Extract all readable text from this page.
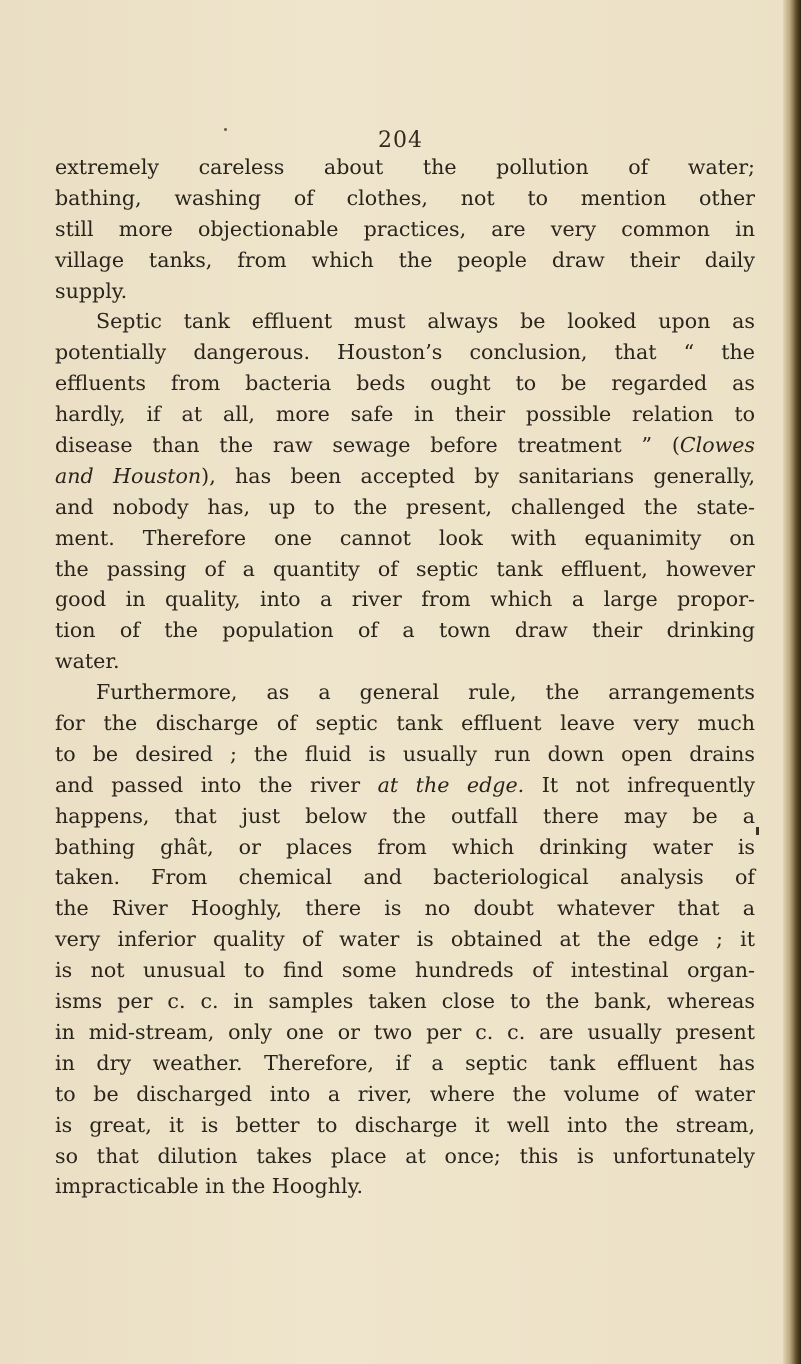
204
extremely careless about the pollution of water;
bathing, washing of clothes, not to mention other
still more objectionable practices, are very common in
village tanks, from which the people draw their daily
supply.
Septic tank effluent must always be looked upon as
potentially dangerous. Houston’s conclusion, that “ the
effluents from bacteria beds ought to be regarded as
hardly, if at all, more safe in their possible relation to
disease than the raw sewage before treatment ” (Clowes
and Houston), has been accepted by sanitarians generally,
and nobody has, up to the present, challenged the state-
ment. Therefore one cannot look with equanimity on
the passing of a quantity of septic tank effluent, however
good in quality, into a river from which a large propor-
tion of the population of a town draw their drinking
water.
Furthermore, as a general rule, the arrangements
for the discharge of septic tank effluent leave very much
to be desired ; the fluid is usually run down open drains
and passed into the river at the edge. It not infrequently
happens, that just below the outfall there may be a
bathing ghât, or places from which drinking water is
taken. From chemical and bacteriological analysis of
the River Hooghly, there is no doubt whatever that a
very inferior quality of water is obtained at the edge ; it
is not unusual to find some hundreds of intestinal organ-
isms per c. c. in samples taken close to the bank, whereas
in mid-stream, only one or two per c. c. are usually present
in dry weather. Therefore, if a septic tank effluent has
to be discharged into a river, where the volume of water
is great, it is better to discharge it well into the stream,
so that dilution takes place at once; this is unfortunately
impracticable in the Hooghly.
